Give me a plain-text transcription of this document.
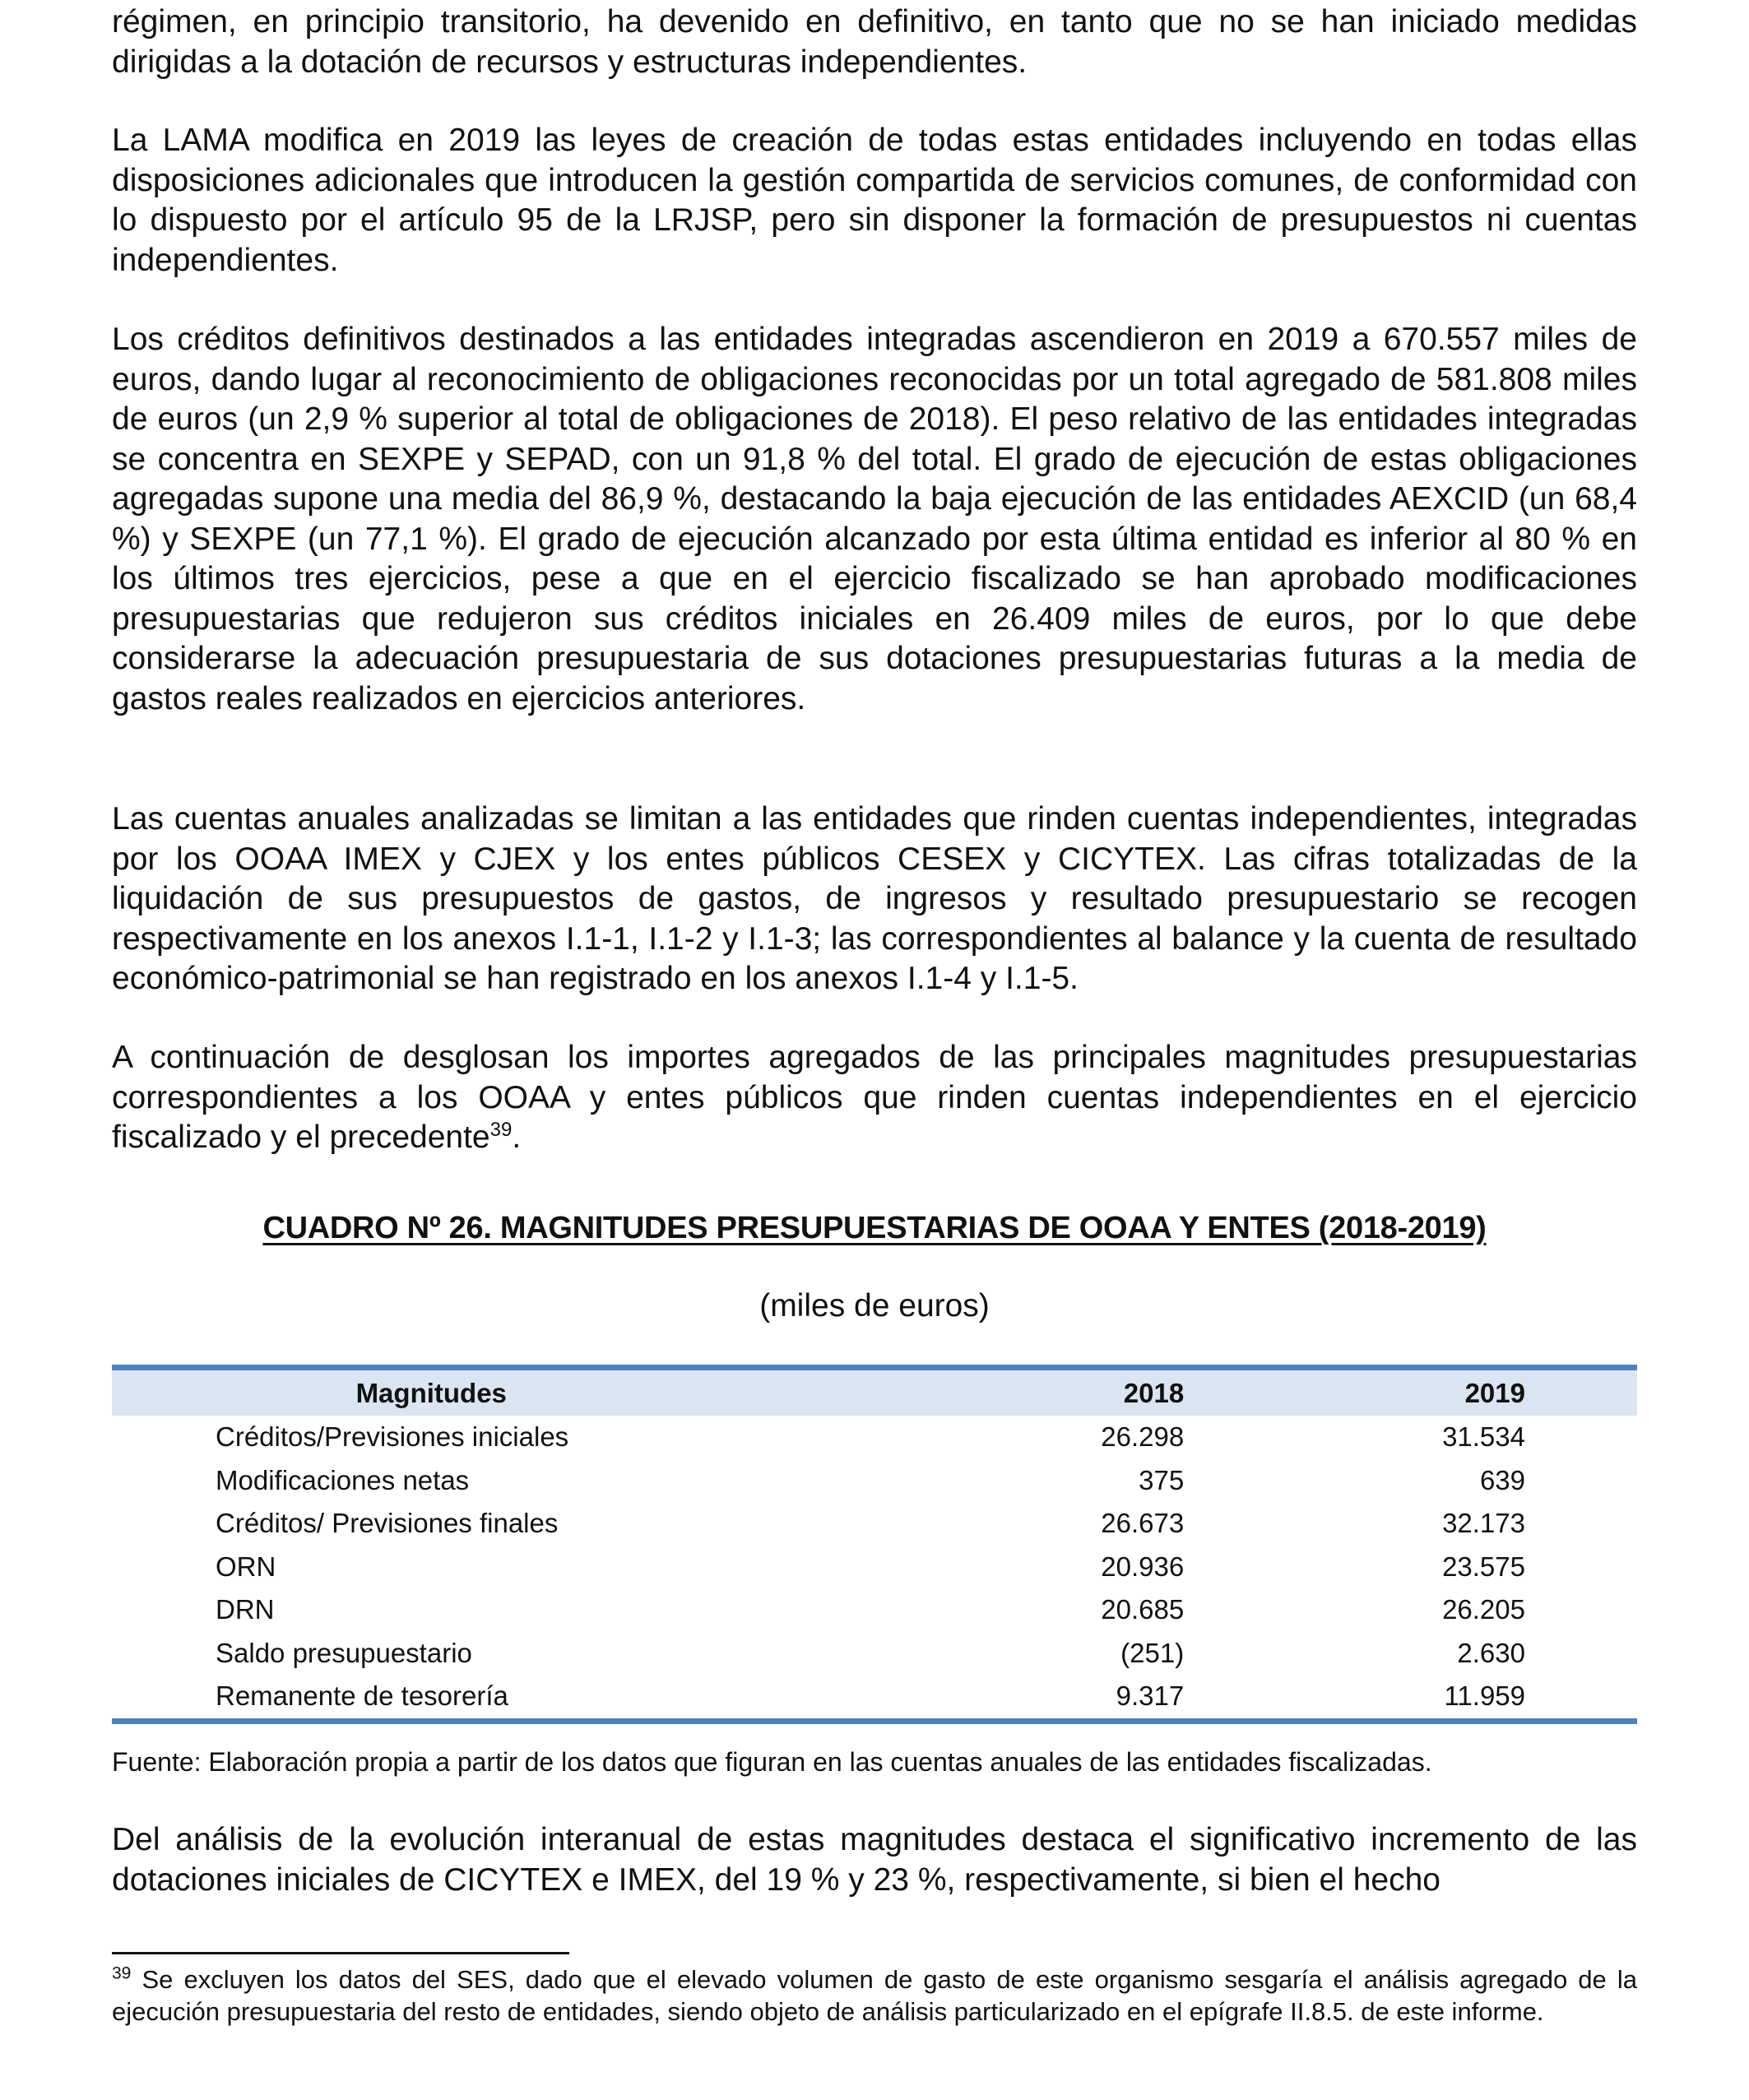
régimen, en principio transitorio, ha devenido en definitivo, en tanto que no se han iniciado medidas dirigidas a la dotación de recursos y estructuras independientes.

La LAMA modifica en 2019 las leyes de creación de todas estas entidades incluyendo en todas ellas disposiciones adicionales que introducen la gestión compartida de servicios comunes, de conformidad con lo dispuesto por el artículo 95 de la LRJSP, pero sin disponer la formación de presupuestos ni cuentas independientes.

Los créditos definitivos destinados a las entidades integradas ascendieron en 2019 a 670.557 miles de euros, dando lugar al reconocimiento de obligaciones reconocidas por un total agregado de 581.808 miles de euros (un 2,9 % superior al total de obligaciones de 2018). El peso relativo de las entidades integradas se concentra en SEXPE y SEPAD, con un 91,8 % del total. El grado de ejecución de estas obligaciones agregadas supone una media del 86,9 %, destacando la baja ejecución de las entidades AEXCID (un 68,4 %) y SEXPE (un 77,1 %). El grado de ejecución alcanzado por esta última entidad es inferior al 80 % en los últimos tres ejercicios, pese a que en el ejercicio fiscalizado se han aprobado modificaciones presupuestarias que redujeron sus créditos iniciales en 26.409 miles de euros, por lo que debe considerarse la adecuación presupuestaria de sus dotaciones presupuestarias futuras a la media de gastos reales realizados en ejercicios anteriores.

Las cuentas anuales analizadas se limitan a las entidades que rinden cuentas independientes, integradas por los OOAA IMEX y CJEX y los entes públicos CESEX y CICYTEX. Las cifras totalizadas de la liquidación de sus presupuestos de gastos, de ingresos y resultado presupuestario se recogen respectivamente en los anexos I.1-1, I.1-2 y I.1-3; las correspondientes al balance y la cuenta de resultado económico-patrimonial se han registrado en los anexos I.1-4 y I.1-5.

A continuación de desglosan los importes agregados de las principales magnitudes presupuestarias correspondientes a los OOAA y entes públicos que rinden cuentas independientes en el ejercicio fiscalizado y el precedente$^{39}$.

CUADRO Nº 26. MAGNITUDES PRESUPUESTARIAS DE OOAA Y ENTES (2018-2019)
(miles de euros)
Magnitudes	2018	2019
Créditos/Previsiones iniciales	26.298	31.534
Modificaciones netas	375	639
Créditos/ Previsiones finales	26.673	32.173
ORN	20.936	23.575
DRN	20.685	26.205
Saldo presupuestario	(251)	2.630
Remanente de tesorería	9.317	11.959
Fuente: Elaboración propia a partir de los datos que figuran en las cuentas anuales de las entidades fiscalizadas.

Del análisis de la evolución interanual de estas magnitudes destaca el significativo incremento de las dotaciones iniciales de CICYTEX e IMEX, del 19 % y 23 %, respectivamente, si bien el hecho

$^{39}$ Se excluyen los datos del SES, dado que el elevado volumen de gasto de este organismo sesgaría el análisis agregado de la ejecución presupuestaria del resto de entidades, siendo objeto de análisis particularizado en el epígrafe II.8.5. de este informe.
